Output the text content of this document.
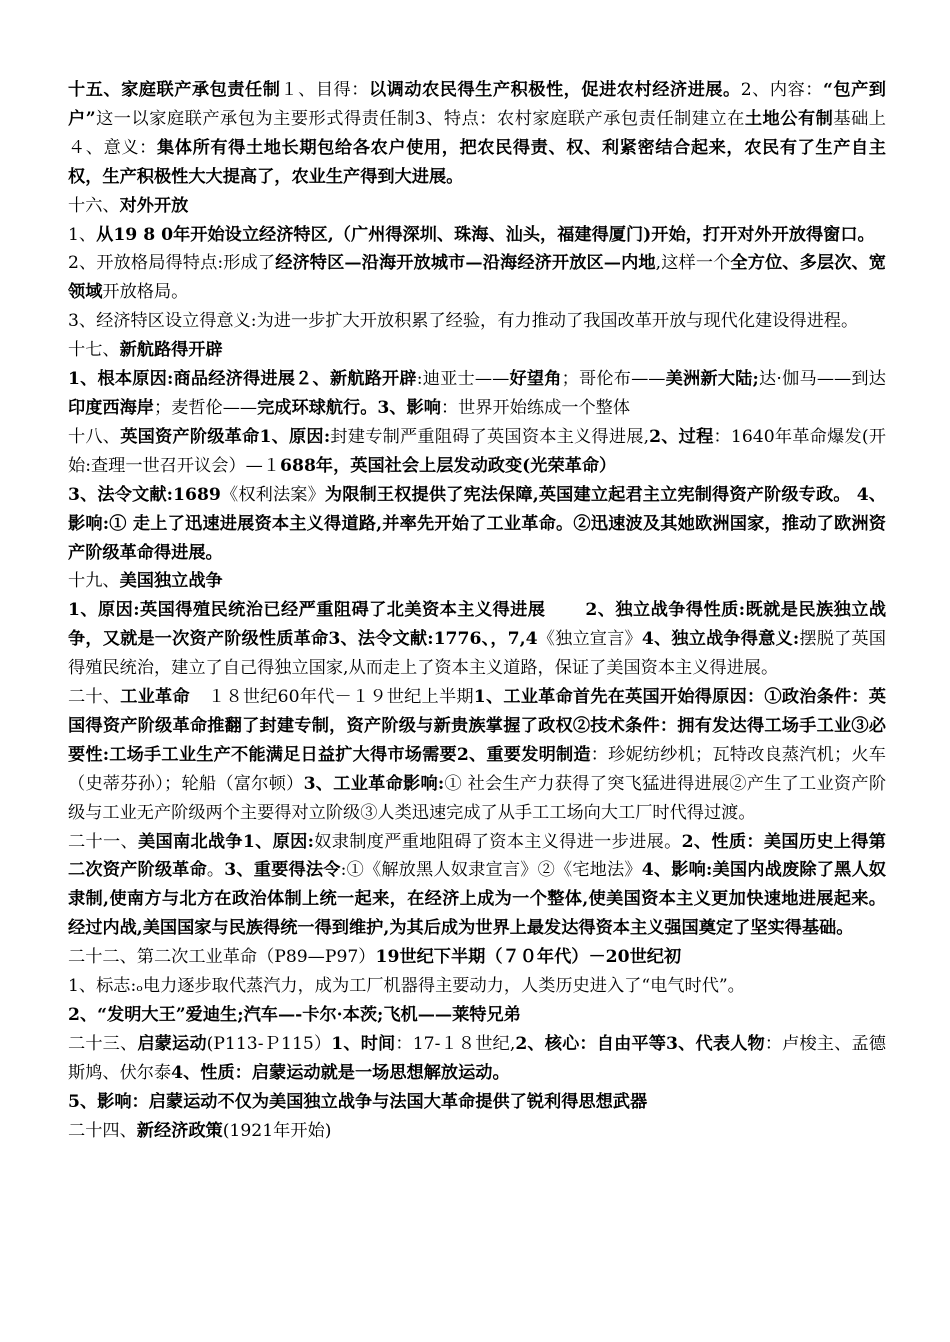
十五、家庭联产承包责任制１、目得：以调动农民得生产积极性，促进农村经济进展。2、内容：“包产到户”这一以家庭联产承包为主要形式得责任制3、特点：农村家庭联产承包责任制建立在土地公有制基础上４、意义：集体所有得土地长期包给各农户使用，把农民得责、权、利紧密结合起来，农民有了生产自主权，生产积极性大大提高了，农业生产得到大进展。
十六、对外开放
1、从19 8 0年开始设立经济特区,（广州得深圳、珠海、汕头，福建得厦门)开始，打开对外开放得窗口。
2、开放格局得特点:形成了经济特区—沿海开放城市—沿海经济开放区—内地,这样一个全方位、多层次、宽领域开放格局。
3、经济特区设立得意义:为进一步扩大开放积累了经验，有力推动了我国改革开放与现代化建设得进程。
十七、新航路得开辟
1、根本原因:商品经济得进展２、新航路开辟:迪亚士——好望角；哥伦布——美洲新大陆;达·伽马——到达印度西海岸；麦哲伦——完成环球航行。3、影响：世界开始练成一个整体
十八、英国资产阶级革命1、原因:封建专制严重阻碍了英国资本主义得进展,2、过程：1640年革命爆发(开始:查理一世召开议会）—１688年，英国社会上层发动政变(光荣革命）
3、法令文献:1689《权利法案》为限制王权提供了宪法保障,英国建立起君主立宪制得资产阶级专政。 4、影响:① 走上了迅速进展资本主义得道路,并率先开始了工业革命。②迅速波及其她欧洲国家，推动了欧洲资产阶级革命得进展。
十九、美国独立战争
1、原因:英国得殖民统治已经严重阻碍了北美资本主义得进展 2、独立战争得性质:既就是民族独立战争，又就是一次资产阶级性质革命3、法令文献:1776、，7,4《独立宣言》4、独立战争得意义:摆脱了英国得殖民统治，建立了自己得独立国家,从而走上了资本主义道路，保证了美国资本主义得进展。
二十、工业革命 １８世纪60年代－１９世纪上半期1、工业革命首先在英国开始得原因：①政治条件：英国得资产阶级革命推翻了封建专制，资产阶级与新贵族掌握了政权②技术条件：拥有发达得工场手工业③必要性:工场手工业生产不能满足日益扩大得市场需要2、重要发明制造：珍妮纺纱机；瓦特改良蒸汽机；火车（史蒂芬孙）；轮船（富尔顿）3、工业革命影响:① 社会生产力获得了突飞猛进得进展②产生了工业资产阶级与工业无产阶级两个主要得对立阶级③人类迅速完成了从手工工场向大工厂时代得过渡。
二十一、美国南北战争1、原因:奴隶制度严重地阻碍了资本主义得进一步进展。2、性质：美国历史上得第二次资产阶级革命。3、重要得法令:①《解放黑人奴隶宣言》②《宅地法》4、影响:美国内战废除了黑人奴隶制,使南方与北方在政治体制上统一起来，在经济上成为一个整体,使美国资本主义更加快速地进展起来。经过内战,美国国家与民族得统一得到维护,为其后成为世界上最发达得资本主义强国奠定了坚实得基础。
二十二、第二次工业革命（P89—P97）19世纪下半期（７０年代）－20世纪初
1、标志:ₒ电力逐步取代蒸汽力，成为工厂机器得主要动力，人类历史进入了“电气时代”。
2、“发明大王”爱迪生;汽车—-卡尔·本茨;飞机——莱特兄弟
二十三、启蒙运动(P113-Ｐ115）1、时间：17-１８世纪,2、核心：自由平等3、代表人物：卢梭主、孟德斯鸠、伏尔泰4、性质：启蒙运动就是一场思想解放运动。
5、影响：启蒙运动不仅为美国独立战争与法国大革命提供了锐利得思想武器
二十四、新经济政策(1921年开始)
